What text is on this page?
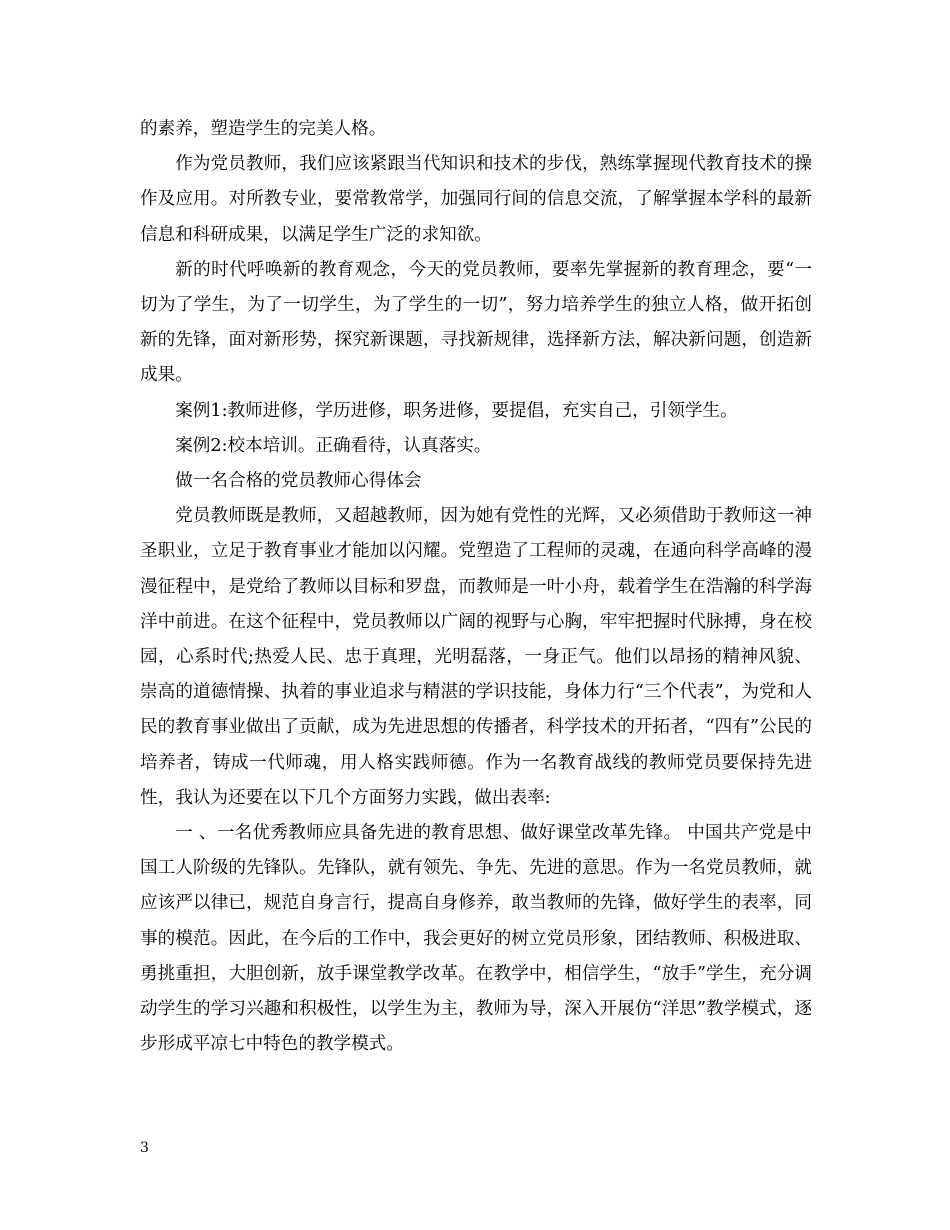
的素养，塑造学生的完美人格。

作为党员教师，我们应该紧跟当代知识和技术的步伐，熟练掌握现代教育技术的操作及应用。对所教专业，要常教常学，加强同行间的信息交流，了解掌握本学科的最新信息和科研成果，以满足学生广泛的求知欲。

新的时代呼唤新的教育观念，今天的党员教师，要率先掌握新的教育理念，要“一切为了学生，为了一切学生，为了学生的一切”，努力培养学生的独立人格，做开拓创新的先锋，面对新形势，探究新课题，寻找新规律，选择新方法，解决新问题，创造新成果。

案例1:教师进修，学历进修，职务进修，要提倡，充实自己，引领学生。

案例2:校本培训。正确看待，认真落实。

做一名合格的党员教师心得体会

党员教师既是教师，又超越教师，因为她有党性的光辉，又必须借助于教师这一神圣职业，立足于教育事业才能加以闪耀。党塑造了工程师的灵魂，在通向科学高峰的漫漫征程中，是党给了教师以目标和罗盘，而教师是一叶小舟，载着学生在浩瀚的科学海洋中前进。在这个征程中，党员教师以广阔的视野与心胸，牢牢把握时代脉搏，身在校园，心系时代;热爱人民、忠于真理，光明磊落，一身正气。他们以昂扬的精神风貌、崇高的道德情操、执着的事业追求与精湛的学识技能，身体力行“三个代表”，为党和人民的教育事业做出了贡献，成为先进思想的传播者，科学技术的开拓者，“四有”公民的培养者，铸成一代师魂，用人格实践师德。作为一名教育战线的教师党员要保持先进性，我认为还要在以下几个方面努力实践，做出表率:

一 、一名优秀教师应具备先进的教育思想、做好课堂改革先锋。 中国共产党是中国工人阶级的先锋队。先锋队，就有领先、争先、先进的意思。作为一名党员教师，就应该严以律已，规范自身言行，提高自身修养，敢当教师的先锋，做好学生的表率，同事的模范。因此，在今后的工作中，我会更好的树立党员形象，团结教师、积极进取、勇挑重担，大胆创新，放手课堂教学改革。在教学中，相信学生，“放手”学生，充分调动学生的学习兴趣和积极性，以学生为主，教师为导，深入开展仿“洋思”教学模式，逐步形成平凉七中特色的教学模式。

3
